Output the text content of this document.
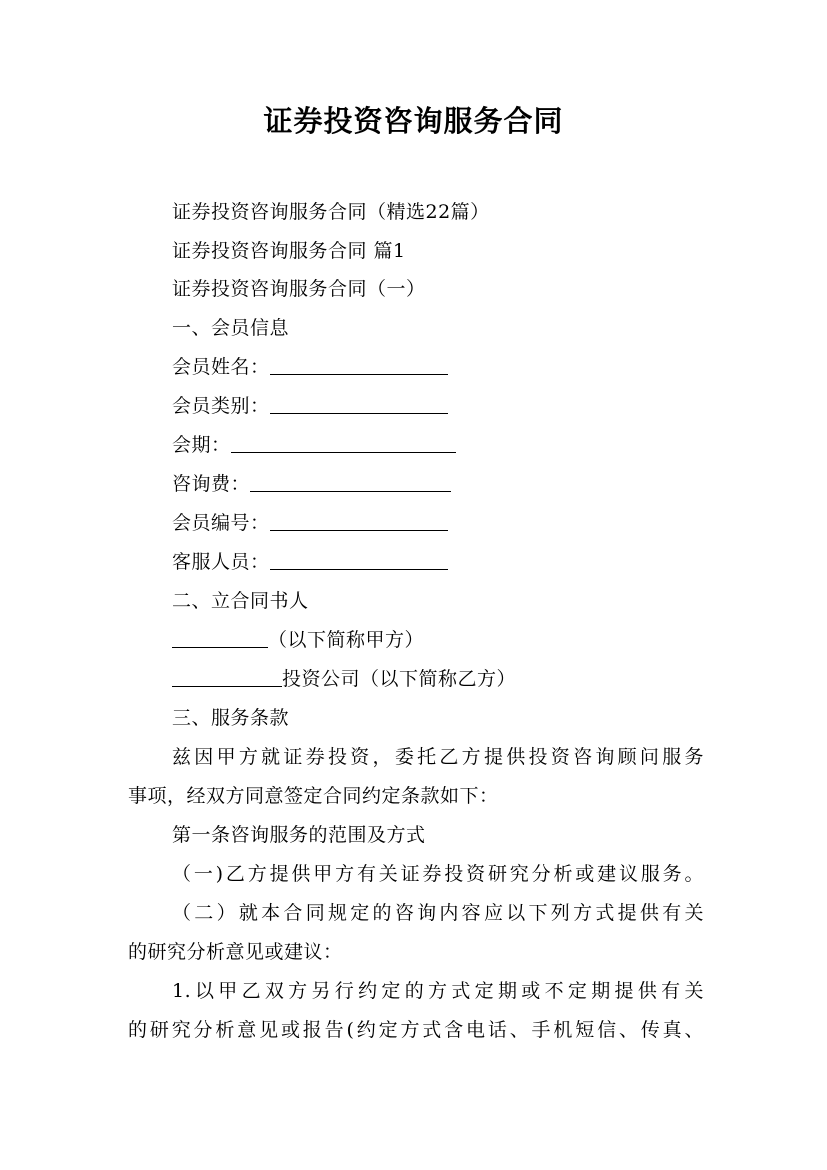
证券投资咨询服务合同
证券投资咨询服务合同（精选22篇）
证券投资咨询服务合同 篇1
证券投资咨询服务合同（一）
一、会员信息
会员姓名：
会员类别：
会期：
咨询费：
会员编号：
客服人员：
二、立合同书人
（以下简称甲方）
投资公司（以下简称乙方）
三、服务条款
兹因甲方就证券投资，委托乙方提供投资咨询顾问服务
事项，经双方同意签定合同约定条款如下：
第一条咨询服务的范围及方式
（一)乙方提供甲方有关证券投资研究分析或建议服务。
（二）就本合同规定的咨询内容应以下列方式提供有关
的研究分析意见或建议：
1.以甲乙双方另行约定的方式定期或不定期提供有关
的研究分析意见或报告(约定方式含电话、手机短信、传真、
